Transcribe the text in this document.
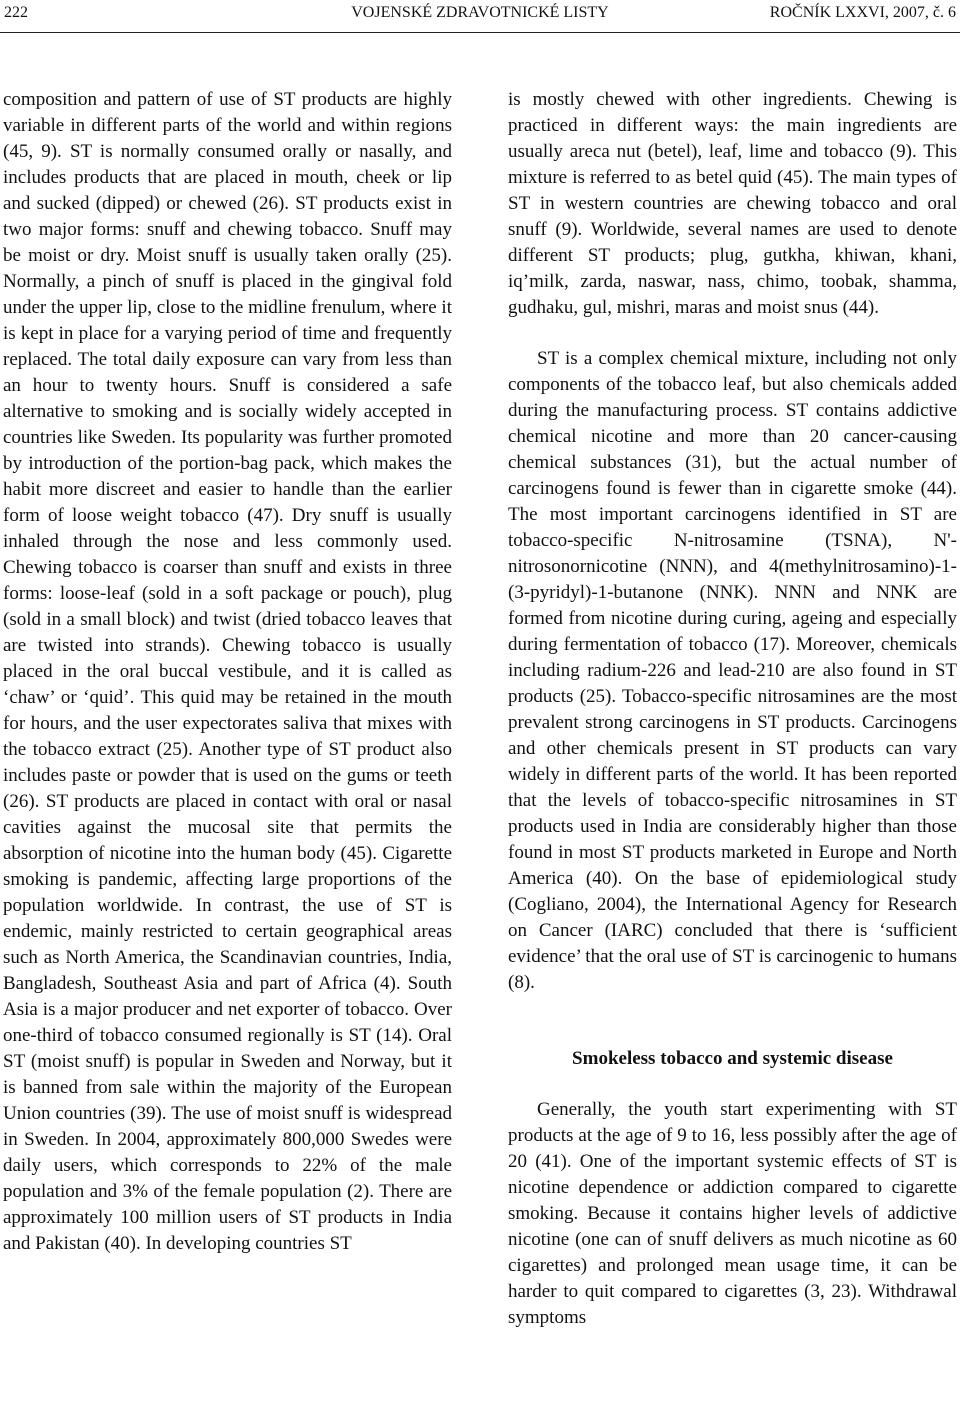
222	VOJENSKÉ ZDRAVOTNICKÉ LISTY	ROČNÍK LXXVI, 2007, č. 6

composition and pattern of use of ST products are highly variable in different parts of the world and within regions (45, 9). ST is normally consumed orally or nasally, and includes products that are placed in mouth, cheek or lip and sucked (dipped) or chewed (26). ST products exist in two major forms: snuff and chewing tobacco. Snuff may be moist or dry. Moist snuff is usually taken orally (25). Normally, a pinch of snuff is placed in the gingival fold under the upper lip, close to the midline frenulum, where it is kept in place for a varying period of time and frequently replaced. The total daily exposure can vary from less than an hour to twenty hours. Snuff is considered a safe alternative to smoking and is socially widely accepted in countries like Sweden. Its popularity was further promoted by introduction of the portion-bag pack, which makes the habit more discreet and easier to handle than the earlier form of loose weight tobacco (47). Dry snuff is usually inhaled through the nose and less commonly used. Chewing tobacco is coarser than snuff and exists in three forms: loose-leaf (sold in a soft package or pouch), plug (sold in a small block) and twist (dried tobacco leaves that are twisted into strands). Chewing tobacco is usually placed in the oral buccal vestibule, and it is called as ‘chaw’ or ‘quid’. This quid may be retained in the mouth for hours, and the user expectorates saliva that mixes with the tobacco extract (25). Another type of ST product also includes paste or powder that is used on the gums or teeth (26). ST products are placed in contact with oral or nasal cavities against the mucosal site that permits the absorption of nicotine into the human body (45). Cigarette smoking is pandemic, affecting large proportions of the population worldwide. In contrast, the use of ST is endemic, mainly restricted to certain geographical areas such as North America, the Scandinavian countries, India, Bangladesh, Southeast Asia and part of Africa (4). South Asia is a major producer and net exporter of tobacco. Over one-third of tobacco consumed regionally is ST (14). Oral ST (moist snuff) is popular in Sweden and Norway, but it is banned from sale within the majority of the European Union countries (39). The use of moist snuff is widespread in Sweden. In 2004, approximately 800,000 Swedes were daily users, which corresponds to 22% of the male population and 3% of the female population (2). There are approximately 100 million users of ST products in India and Pakistan (40). In developing countries ST

is mostly chewed with other ingredients. Chewing is practiced in different ways: the main ingredients are usually areca nut (betel), leaf, lime and tobacco (9). This mixture is referred to as betel quid (45). The main types of ST in western countries are chewing tobacco and oral snuff (9). Worldwide, several names are used to denote different ST products; plug, gutkha, khiwan, khani, iq’milk, zarda, naswar, nass, chimo, toobak, shamma, gudhaku, gul, mishri, maras and moist snus (44).

ST is a complex chemical mixture, including not only components of the tobacco leaf, but also chemicals added during the manufacturing process. ST contains addictive chemical nicotine and more than 20 cancer-causing chemical substances (31), but the actual number of carcinogens found is fewer than in cigarette smoke (44). The most important carcinogens identified in ST are tobacco-specific N-nitrosamine (TSNA), N'-nitrosonornicotine (NNN), and 4(methylnitrosamino)-1-(3-pyridyl)-1-butanone (NNK). NNN and NNK are formed from nicotine during curing, ageing and especially during fermentation of tobacco (17). Moreover, chemicals including radium-226 and lead-210 are also found in ST products (25). Tobacco-specific nitrosamines are the most prevalent strong carcinogens in ST products. Carcinogens and other chemicals present in ST products can vary widely in different parts of the world. It has been reported that the levels of tobacco-specific nitrosamines in ST products used in India are considerably higher than those found in most ST products marketed in Europe and North America (40). On the base of epidemiological study (Cogliano, 2004), the International Agency for Research on Cancer (IARC) concluded that there is ‘sufficient evidence’ that the oral use of ST is carcinogenic to humans (8).

Smokeless tobacco and systemic disease

Generally, the youth start experimenting with ST products at the age of 9 to 16, less possibly after the age of 20 (41). One of the important systemic effects of ST is nicotine dependence or addiction compared to cigarette smoking. Because it contains higher levels of addictive nicotine (one can of snuff delivers as much nicotine as 60 cigarettes) and prolonged mean usage time, it can be harder to quit compared to cigarettes (3, 23). Withdrawal symptoms
